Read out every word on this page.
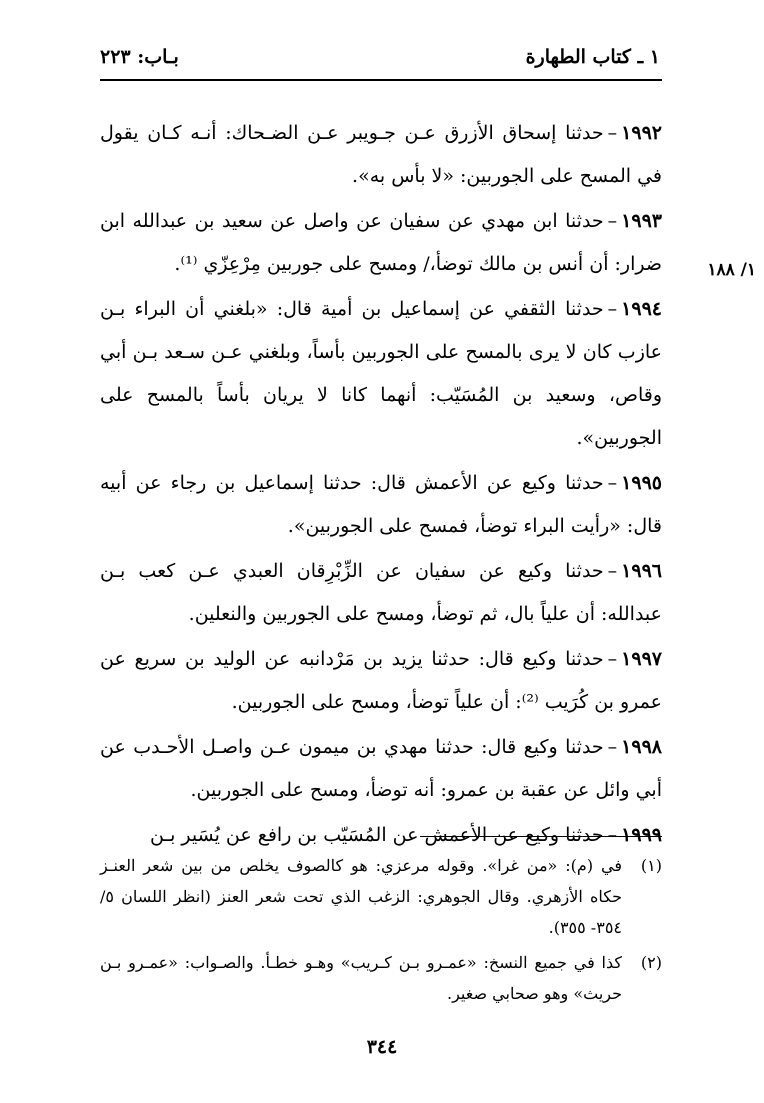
١ ـ كتاب الطهارة
بـاب: ٢٢٣
١/ ١٨٨

١٩٩٢–حدثنا إسحاق الأزرق عـن جـويبر عـن الضـحاك: أنـه كـان يقول في المسح على الجوربين: «لا بأس به».

١٩٩٣–حدثنا ابن مهدي عن سفيان عن واصل عن سعيد بن عبدالله ابن ضرار: أن أنس بن مالك توضأ،/ ومسح على جوربين مِرْعِزّي ⁽¹⁾.

١٩٩٤–حدثنا الثقفي عن إسماعيل بن أمية قال: «بلغني أن البراء بـن عازب كان لا يرى بالمسح على الجوربين بأساً، وبلغني عـن سـعد بـن أبي وقاص، وسعيد بن المُسَيّب: أنهما كانا لا يريان بأساً بالمسح على الجوربين».

١٩٩٥–حدثنا وكيع عن الأعمش قال: حدثنا إسماعيل بن رجاء عن أبيه قال: «رأيت البراء توضأ، فمسح على الجوربين».

١٩٩٦–حدثنا وكيع عن سفيان عن الزِّبْرِقان العبدي عـن كعب بـن عبدالله: أن علياً بال، ثم توضأ، ومسح على الجوربين والنعلين.

١٩٩٧–حدثنا وكيع قال: حدثنا يزيد بن مَرْدانبه عن الوليد بن سريع عن عمرو بن كُرَيب ⁽²⁾: أن علياً توضأ، ومسح على الجوربين.

١٩٩٨–حدثنا وكيع قال: حدثنا مهدي بن ميمون عـن واصـل الأحـدب عن أبي وائل عن عقبة بن عمرو: أنه توضأ، ومسح على الجوربين.

١٩٩٩–حدثنا وكيع عن الأعمش عن المُسَيّب بن رافع عن يُسَير بـن

(١)
في (م): «من غرا». وقوله مرعزي: هو كالصوف يخلص من بين شعر العنـز حكاه الأزهري. وقال الجوهري: الزغب الذي تحت شعر العنز (انظر اللسان ٥/ ٣٥٤- ٣٥٥).
(٢)
كذا في جميع النسخ: «عمـرو بـن كـريب» وهـو خطـأ. والصـواب: «عمـرو بـن حريث» وهو صحابي صغير.
٣٤٤
